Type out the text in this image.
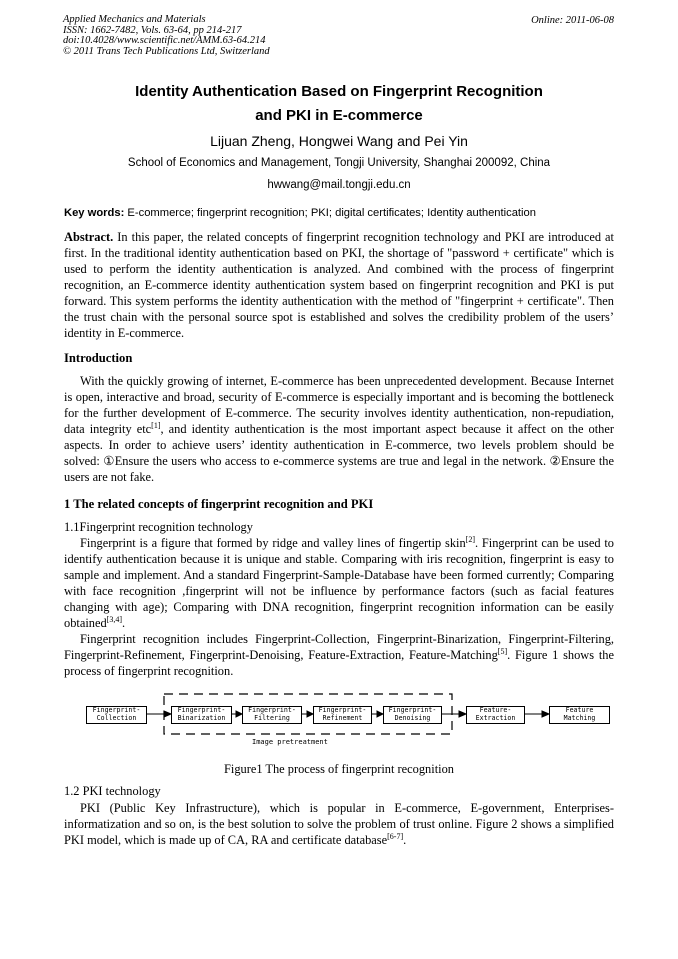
Applied Mechanics and Materials
ISSN: 1662-7482, Vols. 63-64, pp 214-217
doi:10.4028/www.scientific.net/AMM.63-64.214
© 2011 Trans Tech Publications Ltd, Switzerland
Online: 2011-06-08
Identity Authentication Based on Fingerprint Recognition
and PKI in E-commerce
Lijuan Zheng, Hongwei Wang and Pei Yin
School of Economics and Management, Tongji University, Shanghai 200092, China
hwwang@mail.tongji.edu.cn
Key words: E-commerce; fingerprint recognition; PKI; digital certificates; Identity authentication

Abstract. In this paper, the related concepts of fingerprint recognition technology and PKI are introduced at first. In the traditional identity authentication based on PKI, the shortage of "password + certificate" which is used to perform the identity authentication is analyzed. And combined with the process of fingerprint recognition, an E-commerce identity authentication system based on fingerprint recognition and PKI is put forward. This system performs the identity authentication with the method of "fingerprint + certificate". Then the trust chain with the personal source spot is established and solves the credibility problem of the users’ identity in E-commerce.

Introduction

With the quickly growing of internet, E-commerce has been unprecedented development. Because Internet is open, interactive and broad, security of E-commerce is especially important and is becoming the bottleneck for the further development of E-commerce. The security involves identity authentication, non-repudiation, data integrity etc[1], and identity authentication is the most important aspect because it affect on the other aspects. In order to achieve users’ identity authentication in E-commerce, two levels problem should be solved: ①Ensure the users who access to e-commerce systems are true and legal in the network. ②Ensure the users are not fake.

1 The related concepts of fingerprint recognition and PKI
1.1Fingerprint recognition technology

Fingerprint is a figure that formed by ridge and valley lines of fingertip skin[2]. Fingerprint can be used to identify authentication because it is unique and stable. Comparing with iris recognition, fingerprint is easy to sample and implement. And a standard Fingerprint-Sample-Database have been formed currently; Comparing with face recognition ,fingerprint will not be influence by performance factors (such as facial features changing with age); Comparing with DNA recognition, fingerprint recognition information can be easily obtained[3,4].

Fingerprint recognition includes Fingerprint-Collection, Fingerprint-Binarization, Fingerprint-Filtering, Fingerprint-Refinement, Fingerprint-Denoising, Feature-Extraction, Feature-Matching[5]. Figure 1 shows the process of fingerprint recognition.

Fingerprint-
Collection
Fingerprint-
Binarization
Fingerprint-
Filtering
Fingerprint-
Refinement
Fingerprint-
Denoising
Feature-
Extraction
Feature
Matching
Image pretreatment
Figure1 The process of fingerprint recognition
1.2 PKI technology

PKI (Public Key Infrastructure), which is popular in E-commerce, E-government, Enterprises-informatization and so on, is the best solution to solve the problem of trust online. Figure 2 shows a simplified PKI model, which is made up of CA, RA and certificate database[6-7].
